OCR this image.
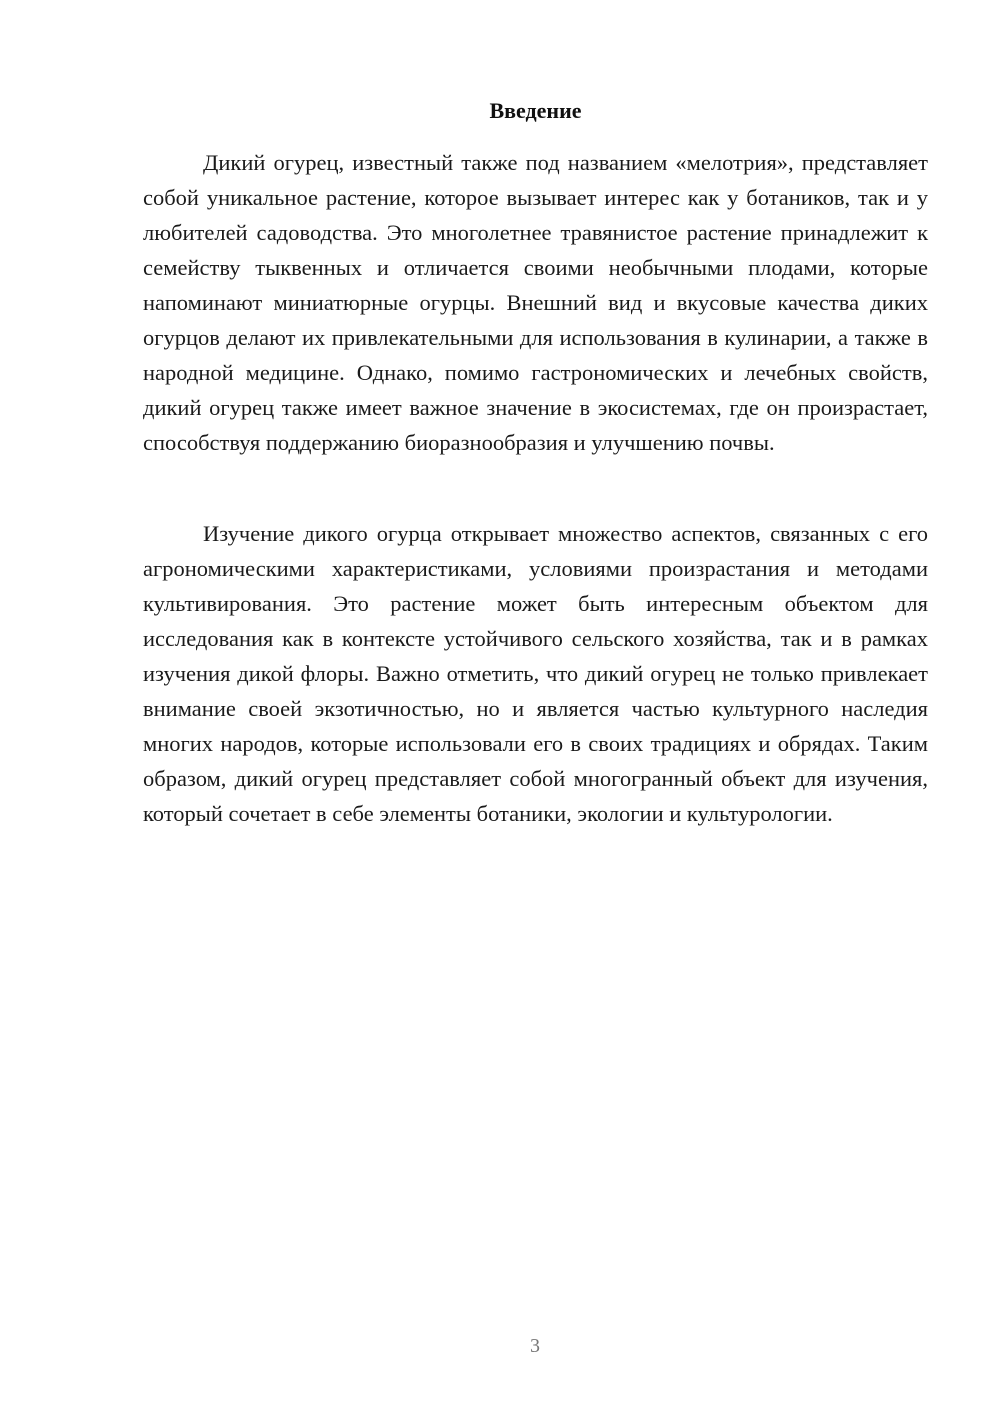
Введение

Дикий огурец, известный также под названием «мелотрия», представляет собой уникальное растение, которое вызывает интерес как у ботаников, так и у любителей садоводства. Это многолетнее травянистое растение принадлежит к семейству тыквенных и отличается своими необычными плодами, которые напоминают миниатюрные огурцы. Внешний вид и вкусовые качества диких огурцов делают их привлекательными для использования в кулинарии, а также в народной медицине. Однако, помимо гастрономических и лечебных свойств, дикий огурец также имеет важное значение в экосистемах, где он произрастает, способствуя поддержанию биоразнообразия и улучшению почвы.

Изучение дикого огурца открывает множество аспектов, связанных с его агрономическими характеристиками, условиями произрастания и методами культивирования. Это растение может быть интересным объектом для исследования как в контексте устойчивого сельского хозяйства, так и в рамках изучения дикой флоры. Важно отметить, что дикий огурец не только привлекает внимание своей экзотичностью, но и является частью культурного наследия многих народов, которые использовали его в своих традициях и обрядах. Таким образом, дикий огурец представляет собой многогранный объект для изучения, который сочетает в себе элементы ботаники, экологии и культурологии.

3
